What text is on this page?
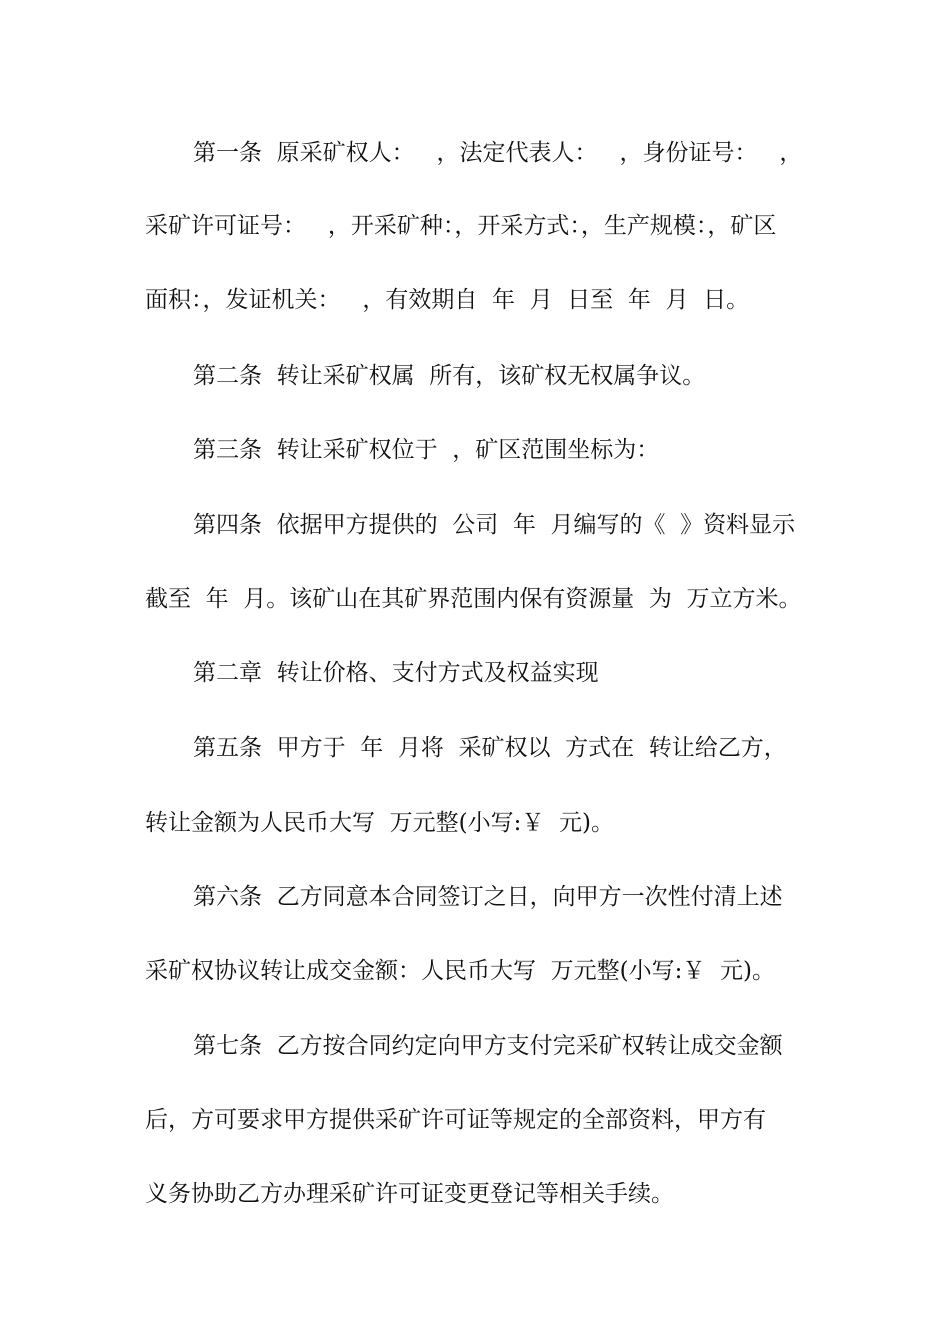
第一条  原采矿权人：   ，法定代表人：   ，身份证号：   ，
采矿许可证号：   ，开采矿种：，开采方式：，生产规模：，矿区
面积：，发证机关：   ，有效期自  年  月  日至  年  月  日。
第二条  转让采矿权属  所有，该矿权无权属争议。
第三条  转让采矿权位于  ，矿区范围坐标为：
第四条  依据甲方提供的  公司  年  月编写的《  》资料显示
截至  年  月。该矿山在其矿界范围内保有资源量  为  万立方米。
第二章  转让价格、支付方式及权益实现
第五条  甲方于  年  月将  采矿权以  方式在  转让给乙方，
转让金额为人民币大写  万元整(小写:￥  元)。
第六条  乙方同意本合同签订之日，向甲方一次性付清上述
采矿权协议转让成交金额：人民币大写  万元整(小写:￥  元)。
第七条  乙方按合同约定向甲方支付完采矿权转让成交金额
后，方可要求甲方提供采矿许可证等规定的全部资料，甲方有
义务协助乙方办理采矿许可证变更登记等相关手续。
